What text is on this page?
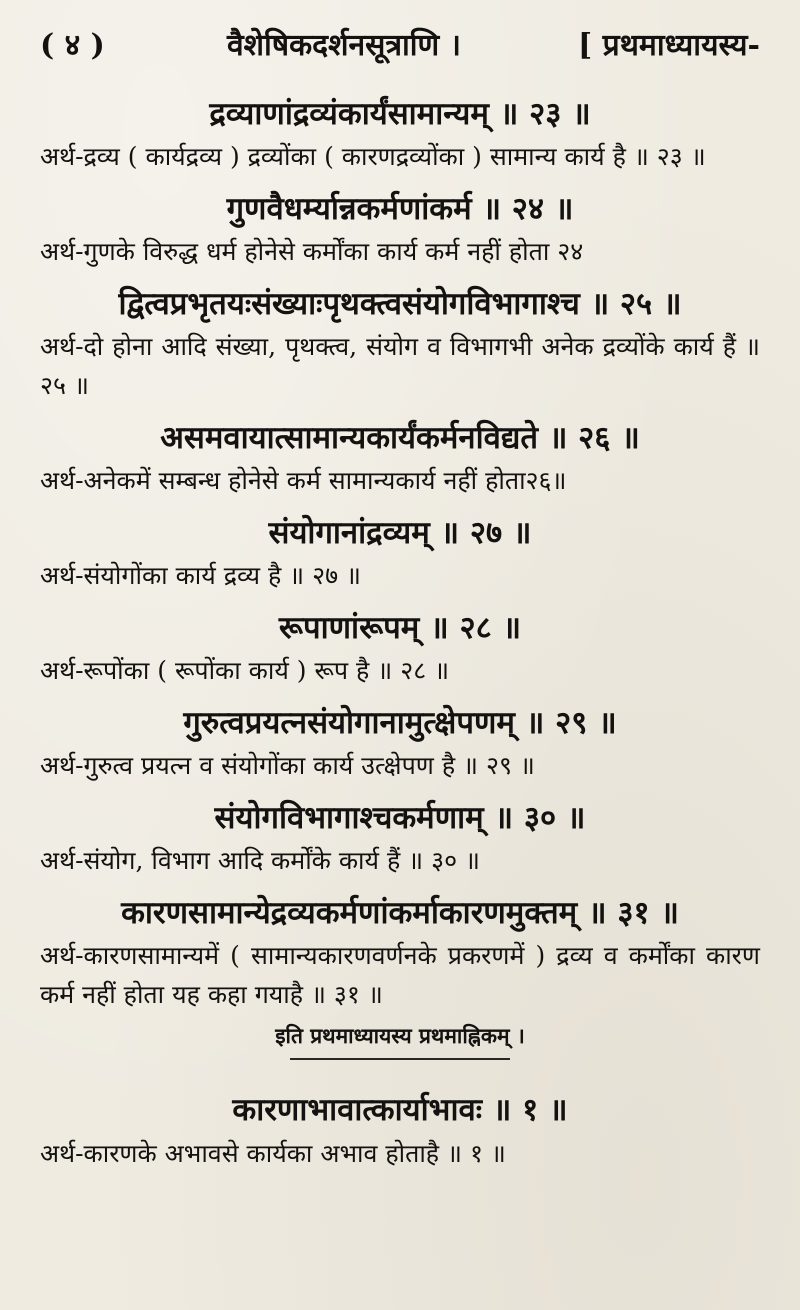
( ४ )	वैशेषिकदर्शनसूत्राणि ।	[ प्रथमाध्यायस्य-
द्रव्याणांद्रव्यंकार्यंसामान्यम् ॥ २३ ॥
अर्थ-द्रव्य ( कार्यद्रव्य ) द्रव्योंका ( कारणद्रव्योंका ) सामान्य कार्य है ॥ २३ ॥
गुणवैधर्म्यान्नकर्मणांकर्म ॥ २४ ॥
अर्थ-गुणके विरुद्ध धर्म होनेसे कर्मोंका कार्य कर्म नहीं होता २४
द्वित्वप्रभृतयःसंख्याःपृथक्त्वसंयोगविभागाश्च ॥ २५ ॥
अर्थ-दो होना आदि संख्या, पृथक्त्व, संयोग व विभागभी अनेक द्रव्योंके कार्य हैं ॥ २५ ॥
असमवायात्सामान्यकार्यंकर्मनविद्यते ॥ २६ ॥
अर्थ-अनेकमें सम्बन्ध होनेसे कर्म सामान्यकार्य नहीं होता२६॥
संयोगानांद्रव्यम् ॥ २७ ॥
अर्थ-संयोगोंका कार्य द्रव्य है ॥ २७ ॥
रूपाणांरूपम् ॥ २८ ॥
अर्थ-रूपोंका ( रूपोंका कार्य ) रूप है ॥ २८ ॥
गुरुत्वप्रयत्नसंयोगानामुत्क्षेपणम् ॥ २९ ॥
अर्थ-गुरुत्व प्रयत्न व संयोगोंका कार्य उत्क्षेपण है ॥ २९ ॥
संयोगविभागाश्चकर्मणाम् ॥ ३० ॥
अर्थ-संयोग, विभाग आदि कर्मोंके कार्य हैं ॥ ३० ॥
कारणसामान्येद्रव्यकर्मणांकर्माकारणमुक्तम् ॥ ३१ ॥
अर्थ-कारणसामान्यमें ( सामान्यकारणवर्णनके प्रकरणमें ) द्रव्य व कर्मोंका कारण कर्म नहीं होता यह कहा गयाहै ॥ ३१ ॥
इति प्रथमाध्यायस्य प्रथमाह्निकम् ।
कारणाभावात्कार्याभावः ॥ १ ॥
अर्थ-कारणके अभावसे कार्यका अभाव होताहै ॥ १ ॥
